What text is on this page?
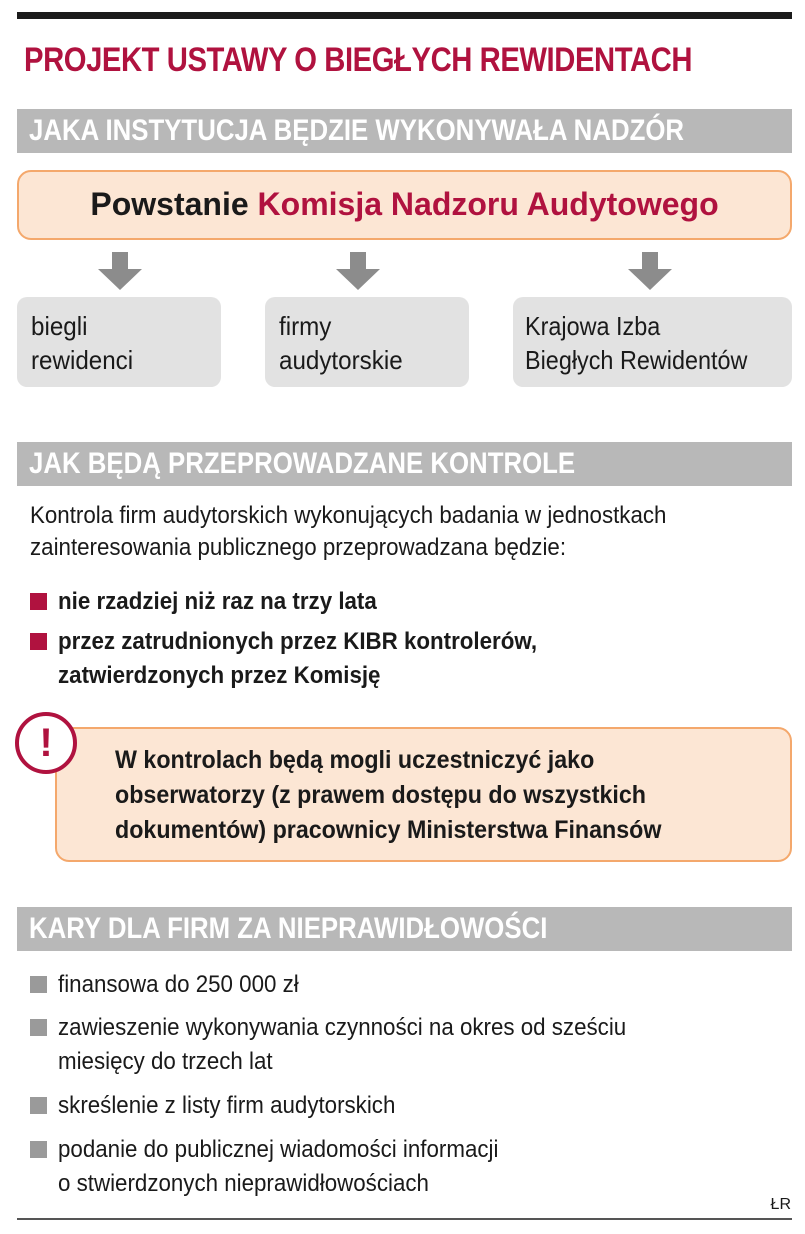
PROJEKT USTAWY O BIEGŁYCH REWIDENTACH
JAKA INSTYTUCJA BĘDZIE WYKONYWAŁA NADZÓR
Powstanie Komisja Nadzoru Audytowego
biegli
rewidenci
firmy
audytorskie
Krajowa Izba
Biegłych Rewidentów
JAK BĘDĄ PRZEPROWADZANE KONTROLE
Kontrola firm audytorskich wykonujących badania w jednostkach
zainteresowania publicznego przeprowadzana będzie:
nie rzadziej niż raz na trzy lata
przez zatrudnionych przez KIBR kontrolerów,
zatwierdzonych przez Komisję
W kontrolach będą mogli uczestniczyć jako
obserwatorzy (z prawem dostępu do wszystkich
dokumentów) pracownicy Ministerstwa Finansów
!
KARY DLA FIRM ZA NIEPRAWIDŁOWOŚCI
finansowa do 250 000 zł
zawieszenie wykonywania czynności na okres od sześciu
miesięcy do trzech lat
skreślenie z listy firm audytorskich
podanie do publicznej wiadomości informacji
o stwierdzonych nieprawidłowościach
ŁR
